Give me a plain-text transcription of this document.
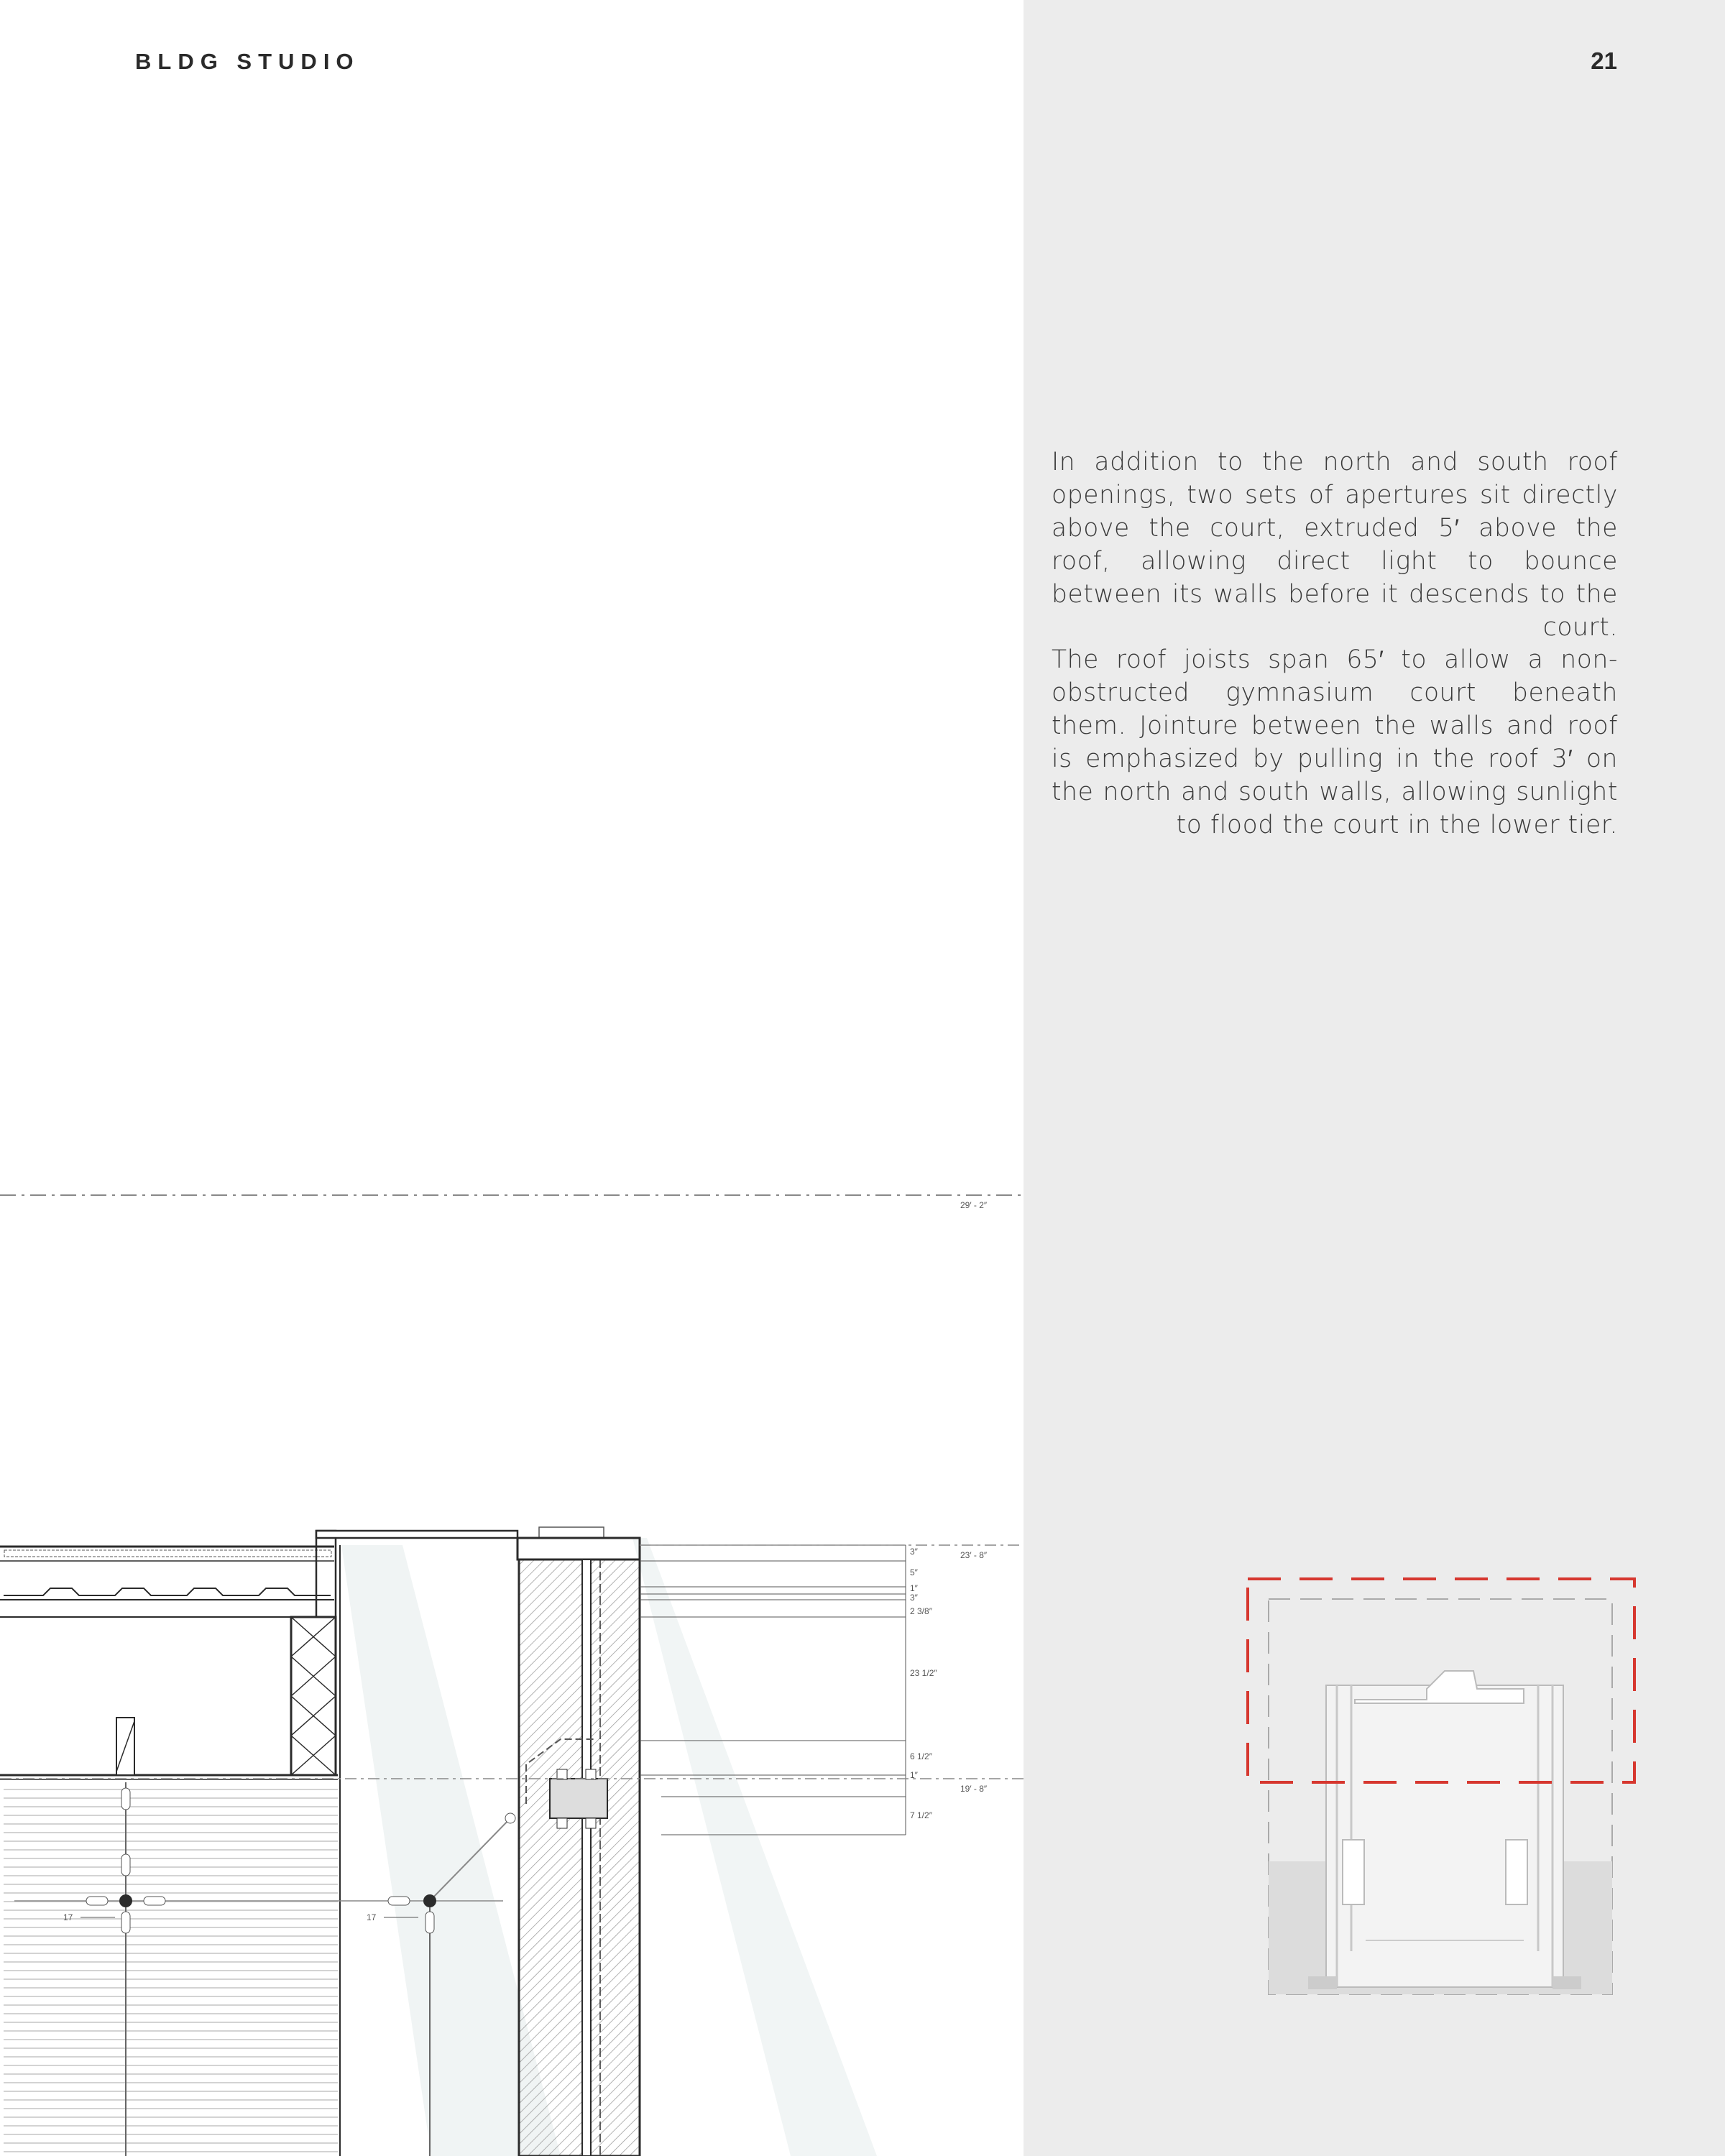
BLDG STUDIO	21
In addition to the north and south roof openings, two sets of apertures sit directly above the court, extruded 5′ above the roof, allowing direct light to bounce between its walls before it descends to the court.
The roof joists span 65′ to allow a non-obstructed gymnasium court beneath them. Jointure between the walls and roof is emphasized by pulling in the roof 3′ on the north and south walls, allowing sunlight to flood the court in the lower tier.
29′ - 2″
17	17
3″
5″
1″
3″
2 3/8″
23 1/2″
6 1/2″
1″
7 1/2″
23′ - 8″
19′ - 8″
